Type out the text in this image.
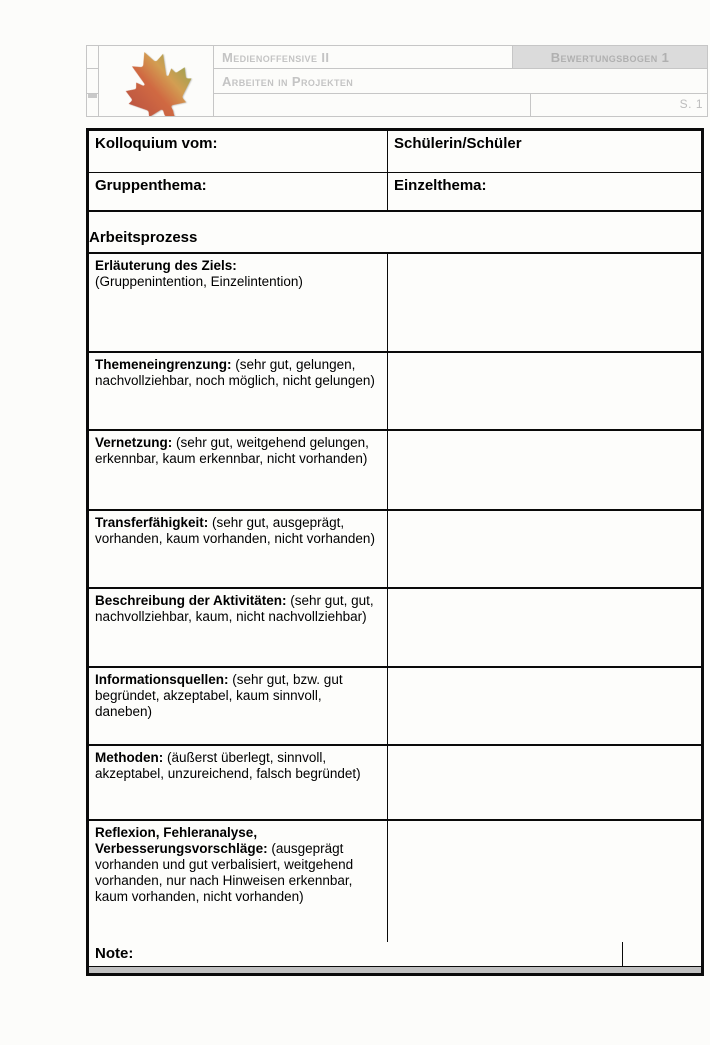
Medienoffensive II	Bewertungsbogen 1
Arbeiten in Projekten
S. 1
Kolloquium vom:	Schülerin/Schüler
Gruppenthema:	Einzelthema:
Arbeitsprozess
Erläuterung des Ziels:
(Gruppenintention, Einzelintention)
Themeneingrenzung: (sehr gut, gelungen, nachvollziehbar, noch möglich, nicht gelungen)
Vernetzung: (sehr gut, weitgehend gelungen, erkennbar, kaum erkennbar, nicht vorhanden)
Transferfähigkeit: (sehr gut, ausgeprägt, vorhanden, kaum vorhanden, nicht vorhanden)
Beschreibung der Aktivitäten: (sehr gut, gut, nachvollziehbar, kaum, nicht nachvollziehbar)
Informationsquellen: (sehr gut, bzw. gut begründet, akzeptabel, kaum sinnvoll, daneben)
Methoden: (äußerst überlegt, sinnvoll, akzeptabel, unzureichend, falsch begründet)
Reflexion, Fehleranalyse, Verbesserungsvorschläge: (ausgeprägt vorhanden und gut verbalisiert, weitgehend vorhanden, nur nach Hinweisen erkennbar, kaum vorhanden, nicht vorhanden)
Note:
